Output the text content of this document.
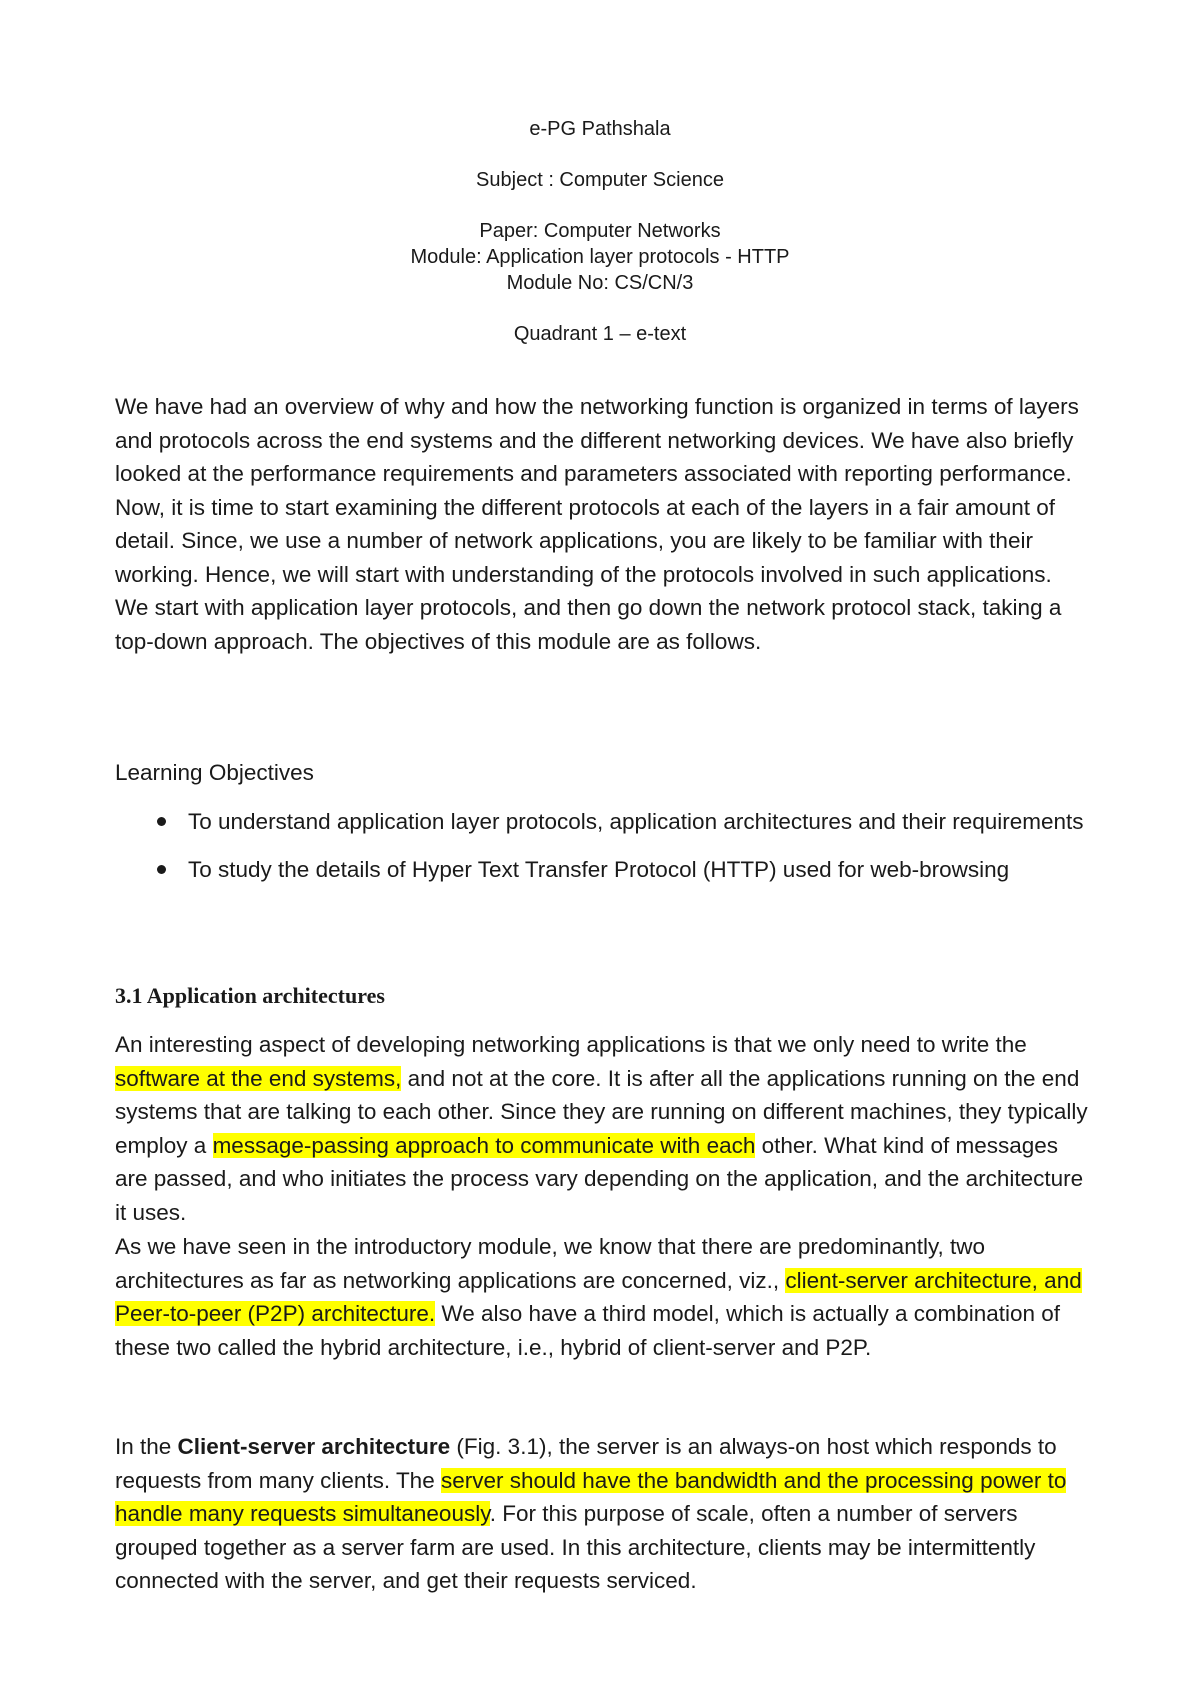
e-PG Pathshala

Subject : Computer Science

Paper: Computer Networks

Module: Application layer protocols - HTTP

Module No: CS/CN/3

Quadrant 1 – e-text

We have had an overview of why and how the networking function is organized in terms of layers and protocols across the end systems and the different networking devices. We have also briefly looked at the performance requirements and parameters associated with reporting performance. Now, it is time to start examining the different protocols at each of the layers in a fair amount of detail. Since, we use a number of network applications, you are likely to be familiar with their working. Hence, we will start with understanding of the protocols involved in such applications. We start with application layer protocols, and then go down the network protocol stack, taking a top-down approach. The objectives of this module are as follows.

Learning Objectives

To understand application layer protocols, application architectures and their requirements
To study the details of Hyper Text Transfer Protocol (HTTP) used for web-browsing
3.1 Application architectures

An interesting aspect of developing networking applications is that we only need to write the software at the end systems, and not at the core. It is after all the applications running on the end systems that are talking to each other. Since they are running on different machines, they typically employ a message-passing approach to communicate with each other. What kind of messages are passed, and who initiates the process vary depending on the application, and the architecture it uses.

As we have seen in the introductory module, we know that there are predominantly, two architectures as far as networking applications are concerned, viz., client-server architecture, and Peer-to-peer (P2P) architecture. We also have a third model, which is actually a combination of these two called the hybrid architecture, i.e., hybrid of client-server and P2P.

In the Client-server architecture (Fig. 3.1), the server is an always-on host which responds to requests from many clients. The server should have the bandwidth and the processing power to handle many requests simultaneously. For this purpose of scale, often a number of servers grouped together as a server farm are used. In this architecture, clients may be intermittently connected with the server, and get their requests serviced.
